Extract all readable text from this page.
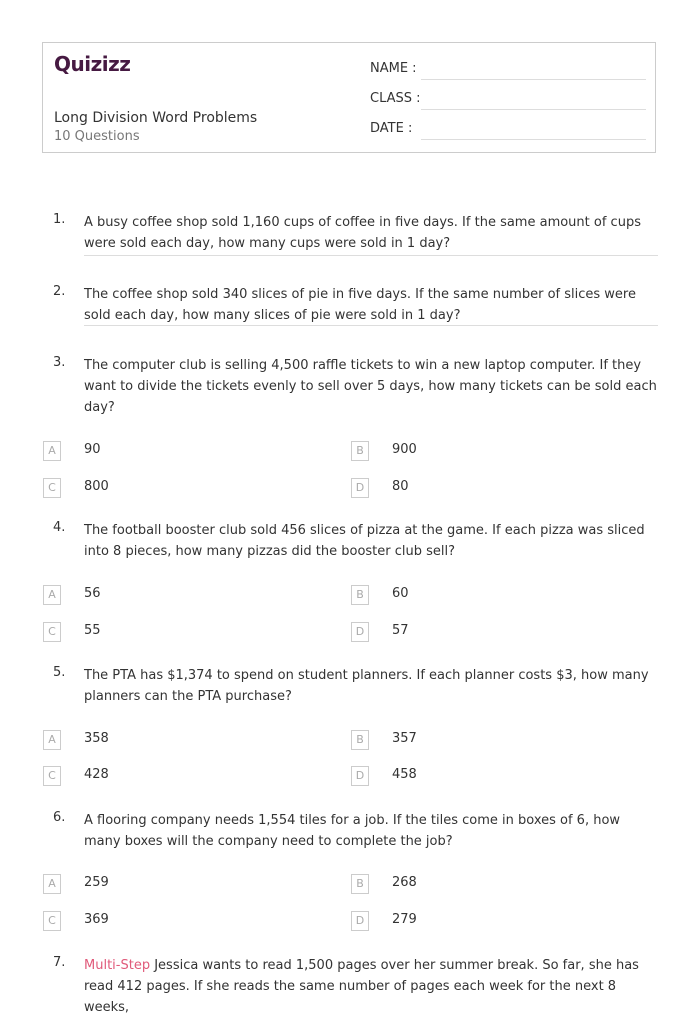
Quizizz
Long Division Word Problems
10 Questions
NAME :
CLASS :
DATE :
1. A busy coffee shop sold 1,160 cups of coffee in five days. If the same amount of cups were sold each day, how many cups were sold in 1 day?
2. The coffee shop sold 340 slices of pie in five days. If the same number of slices were sold each day, how many slices of pie were sold in 1 day?
3. The computer club is selling 4,500 raffle tickets to win a new laptop computer. If they want to divide the tickets evenly to sell over 5 days, how many tickets can be sold each day?
A	90	B	900
C	800	D	80
4. The football booster club sold 456 slices of pizza at the game. If each pizza was sliced into 8 pieces, how many pizzas did the booster club sell?
A	56	B	60
C	55	D	57
5. The PTA has $1,374 to spend on student planners. If each planner costs $3, how many planners can the PTA purchase?
A	358	B	357
C	428	D	458
6. A flooring company needs 1,554 tiles for a job. If the tiles come in boxes of 6, how many boxes will the company need to complete the job?
A	259	B	268
C	369	D	279
7. Multi-Step Jessica wants to read 1,500 pages over her summer break. So far, she has read 412 pages. If she reads the same number of pages each week for the next 8 weeks,
